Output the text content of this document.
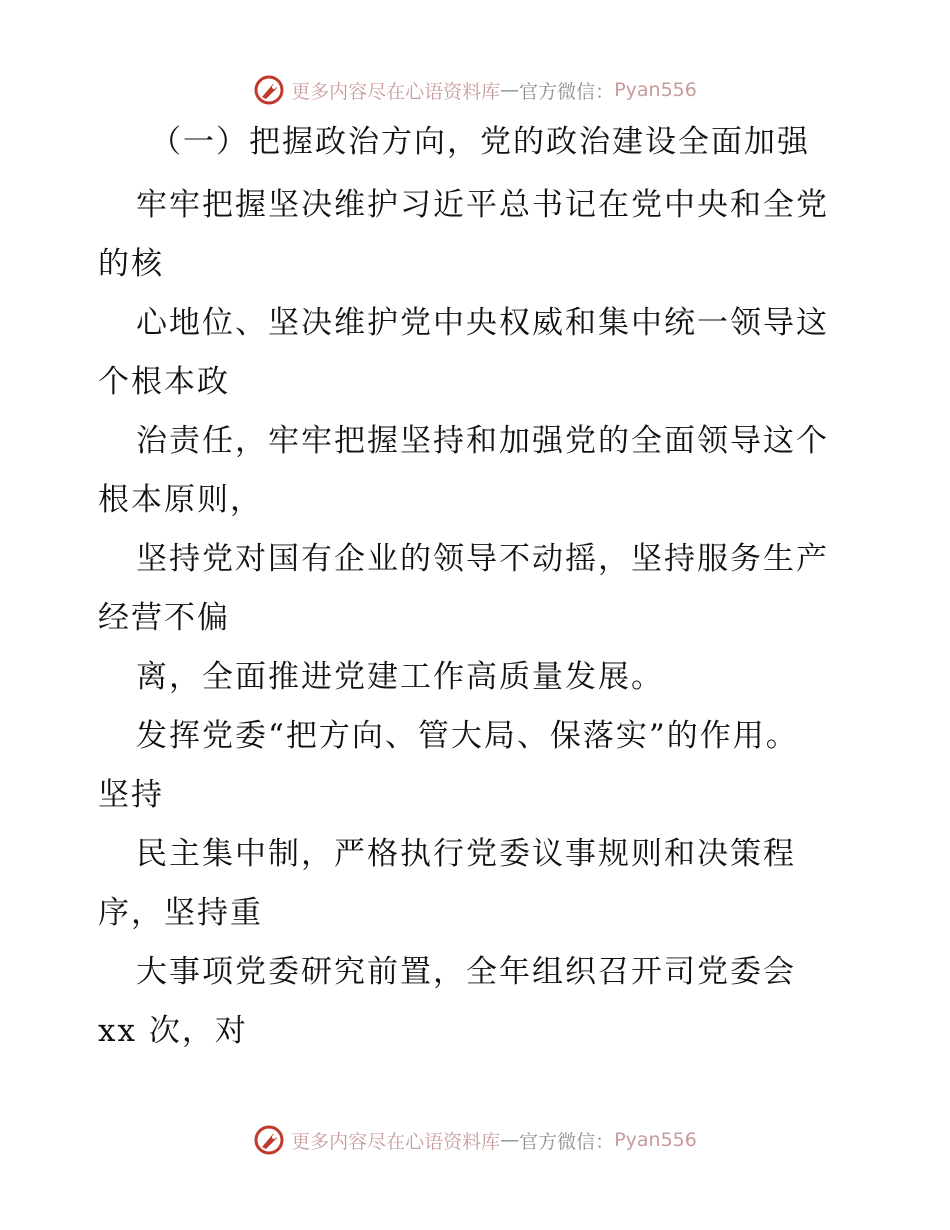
更多内容尽在心语资料库 — 官方微信 ： Pyan556
（一）把握政治方向，党的政治建设全面加强
牢牢把握坚决维护习近平总书记在党中央和全党
的核
心地位、坚决维护党中央权威和集中统一领导这
个根本政
治责任，牢牢把握坚持和加强党的全面领导这个
根本原则，
坚持党对国有企业的领导不动摇，坚持服务生产
经营不偏
离，全面推进党建工作高质量发展。
发挥党委“把方向、管大局、保落实”的作用。
坚持
民主集中制，严格执行党委议事规则和决策程
序，坚持重
大事项党委研究前置，全年组织召开司党委会
xx 次，对
更多内容尽在心语资料库 — 官方微信 ： Pyan556
